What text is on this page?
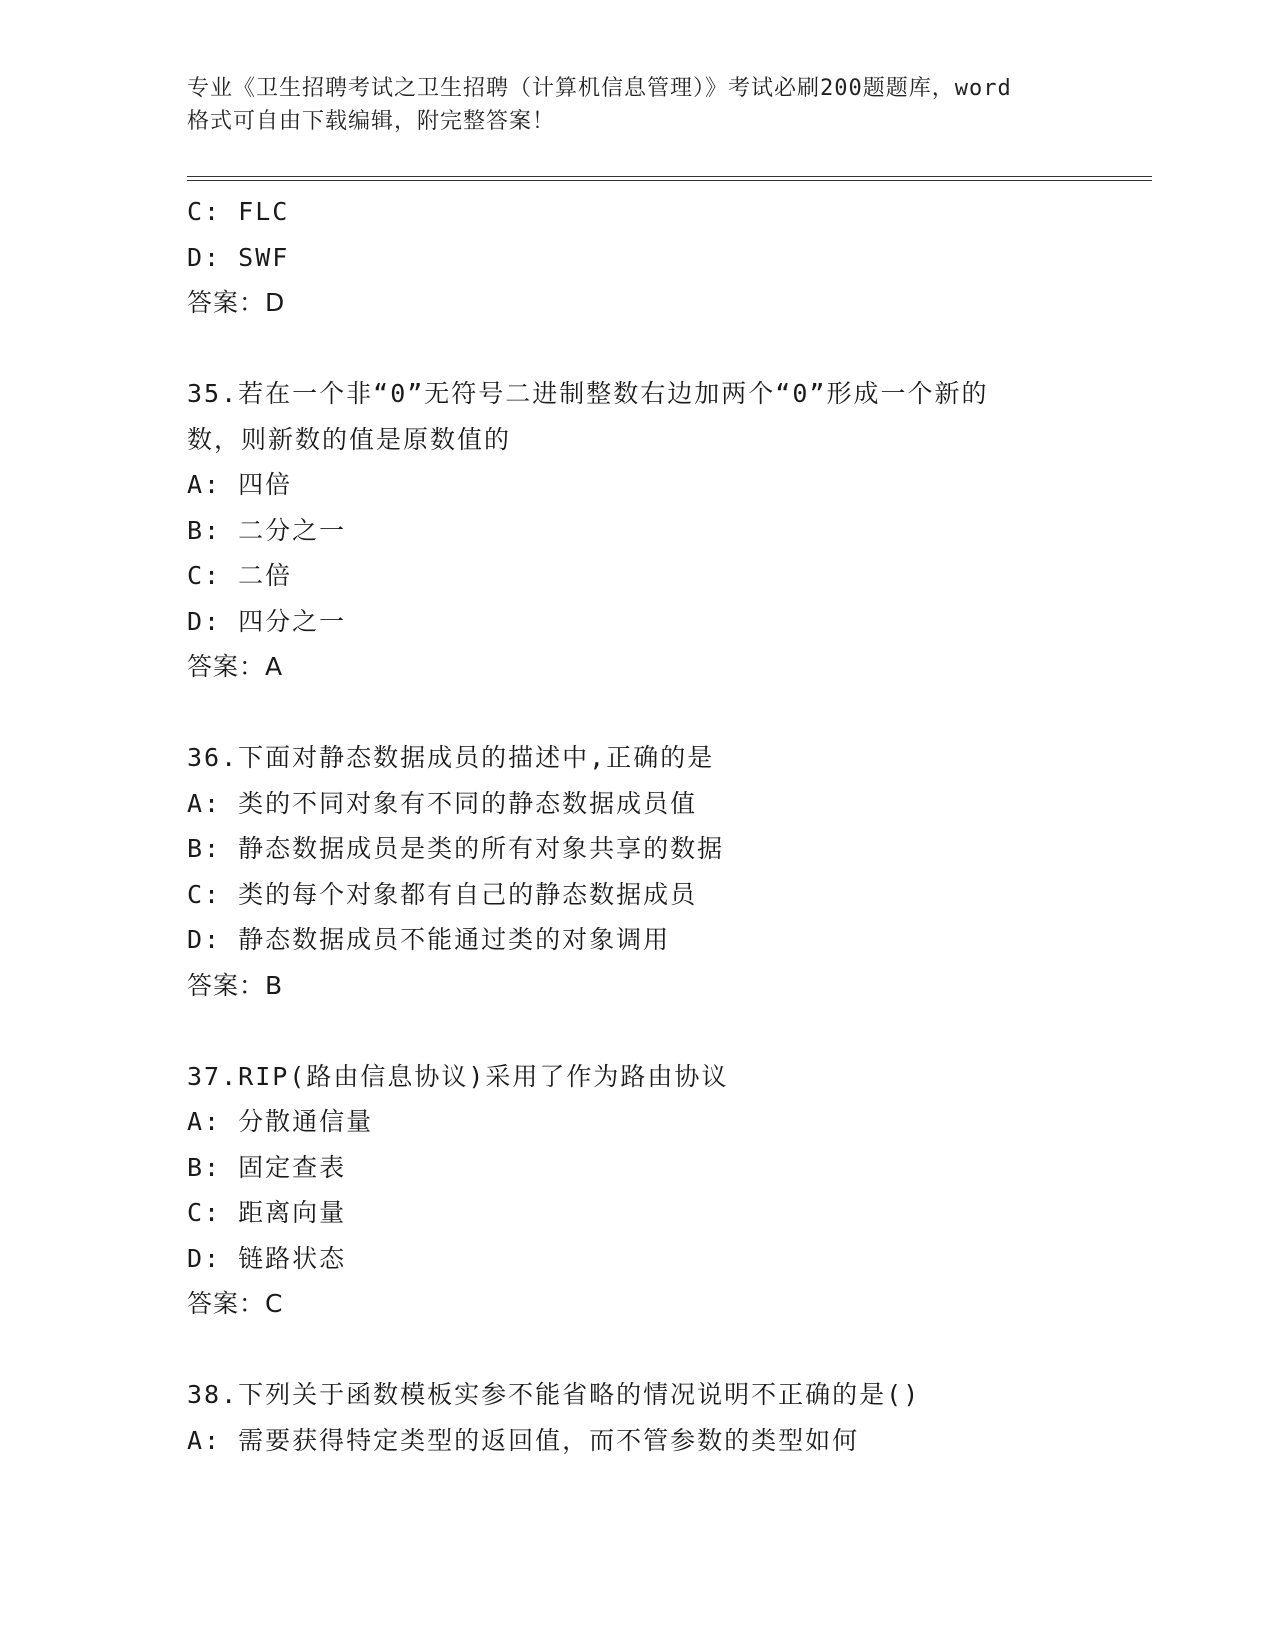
专业《卫生招聘考试之卫生招聘（计算机信息管理）》考试必刷200题题库，word
格式可自由下载编辑，附完整答案！
C: FLC
D: SWF
答案：D
35.若在一个非“0”无符号二进制整数右边加两个“0”形成一个新的
数，则新数的值是原数值的
A: 四倍
B: 二分之一
C: 二倍
D: 四分之一
答案：A
36.下面对静态数据成员的描述中,正确的是
A: 类的不同对象有不同的静态数据成员值
B: 静态数据成员是类的所有对象共享的数据
C: 类的每个对象都有自己的静态数据成员
D: 静态数据成员不能通过类的对象调用
答案：B
37.RIP(路由信息协议)采用了作为路由协议
A: 分散通信量
B: 固定查表
C: 距离向量
D: 链路状态
答案：C
38.下列关于函数模板实参不能省略的情况说明不正确的是()
A: 需要获得特定类型的返回值，而不管参数的类型如何
